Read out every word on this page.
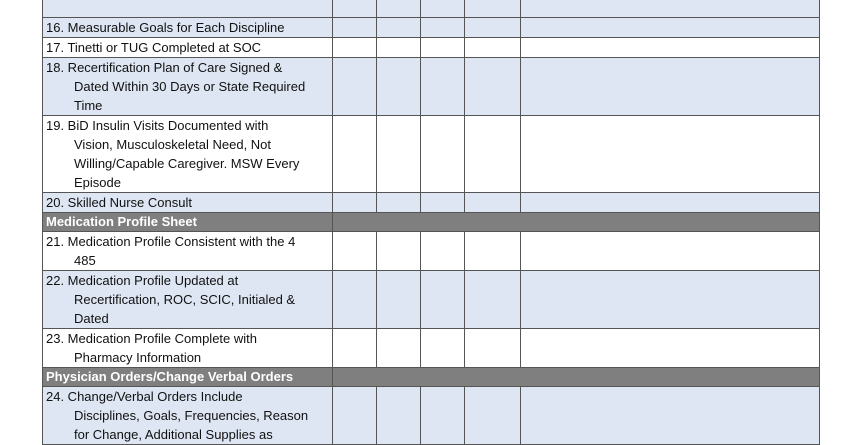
16. Measurable Goals for Each Discipline					

17. Tinetti or TUG Completed at SOC					

18. Recertification Plan of Care Signed &
Dated Within 30 Days or State Required
Time					

19. BiD Insulin Visits Documented with
Vision, Musculoskeletal Need, Not
Willing/Capable Caregiver. MSW Every
Episode					

20. Skilled Nurse Consult					

Medication Profile Sheet					

21. Medication Profile Consistent with the 4
485					

22. Medication Profile Updated at
Recertification, ROC, SCIC, Initialed &
Dated					

23. Medication Profile Complete with
Pharmacy Information					

Physician Orders/Change Verbal Orders					

24. Change/Verbal Orders Include
Disciplines, Goals, Frequencies, Reason
for Change, Additional Supplies as					
